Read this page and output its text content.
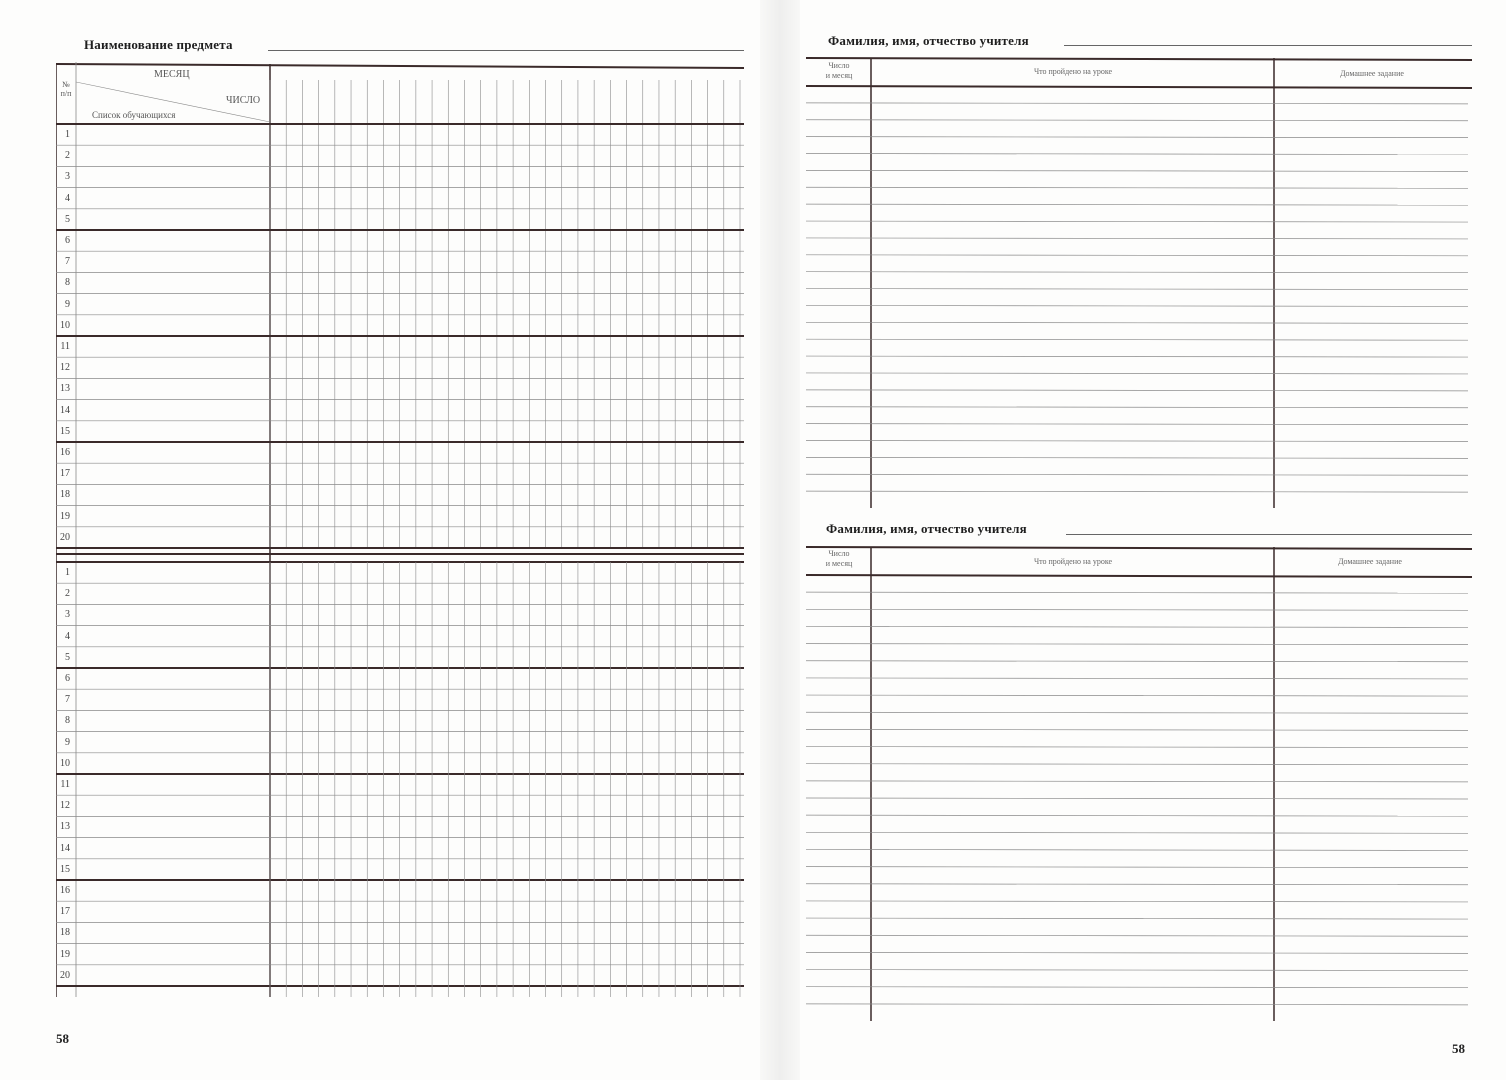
Наименование предмета
МЕСЯЦ
ЧИСЛО
Список обучающихся
№ п/п
1
2
3
4
5
6
7
8
9
10
11
12
13
14
15
16
17
18
19
20
1
2
3
4
5
6
7
8
9
10
11
12
13
14
15
16
17
18
19
20
58
Фамилия, имя, отчество учителя
Число
и месяц	Что пройдено на уроке	Домашнее задание
Фамилия, имя, отчество учителя
Число
и месяц	Что пройдено на уроке	Домашнее задание
58
